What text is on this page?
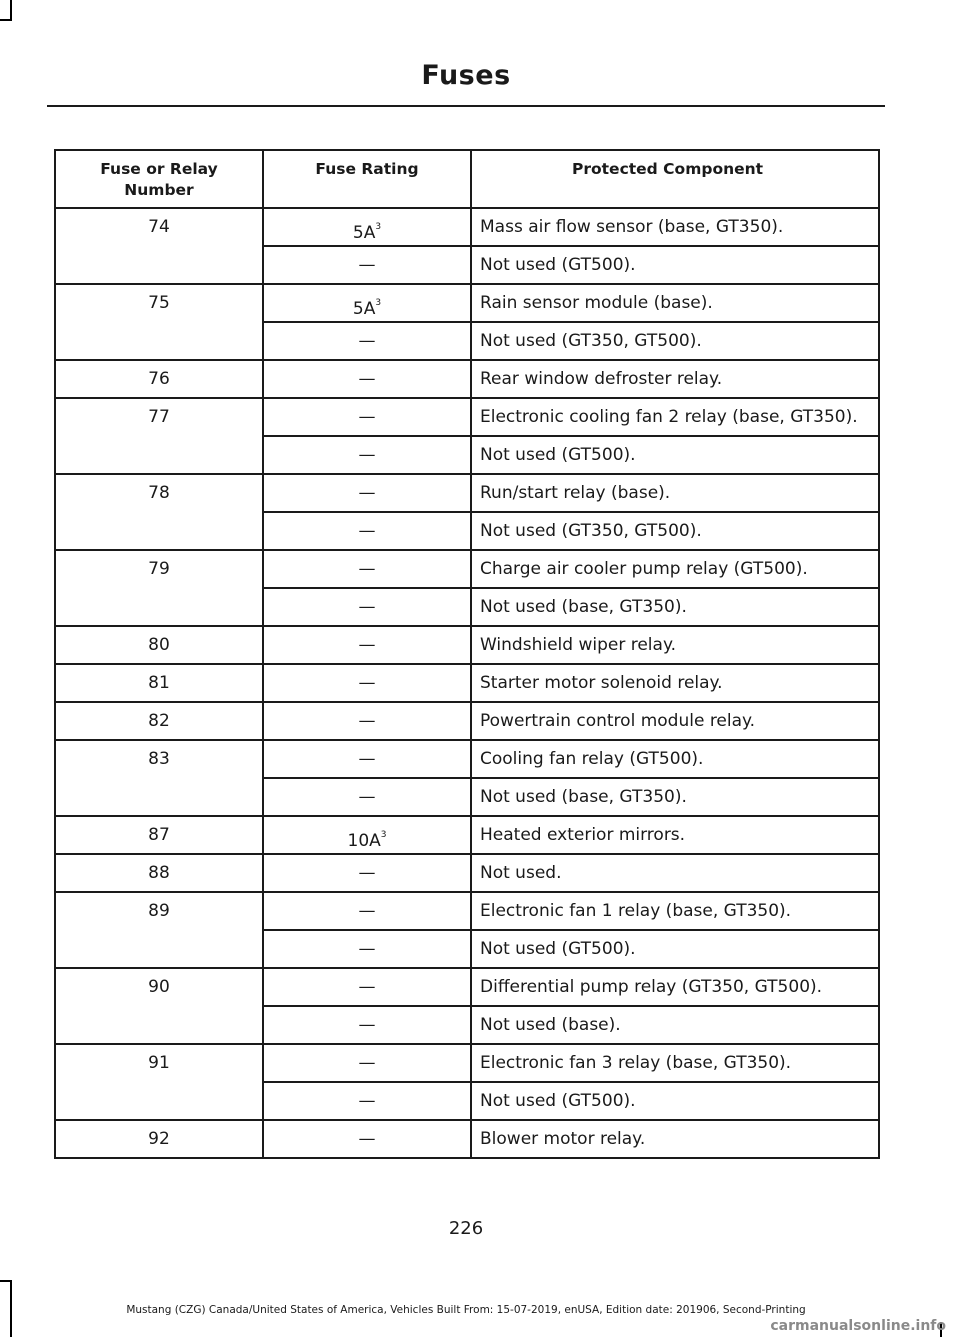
Fuses
Fuse or Relay Number	Fuse Rating	Protected Component
74	$5A^3$	Mass air flow sensor (base, GT350).
	—	Not used (GT500).
75	$5A^3$	Rain sensor module (base).
	—	Not used (GT350, GT500).
76	—	Rear window defroster relay.
77	—	Electronic cooling fan 2 relay (base, GT350).
	—	Not used (GT500).
78	—	Run/start relay (base).
	—	Not used (GT350, GT500).
79	—	Charge air cooler pump relay (GT500).
	—	Not used (base, GT350).
80	—	Windshield wiper relay.
81	—	Starter motor solenoid relay.
82	—	Powertrain control module relay.
83	—	Cooling fan relay (GT500).
	—	Not used (base, GT350).
87	$10A^3$	Heated exterior mirrors.
88	—	Not used.
89	—	Electronic fan 1 relay (base, GT350).
	—	Not used (GT500).
90	—	Differential pump relay (GT350, GT500).
	—	Not used (base).
91	—	Electronic fan 3 relay (base, GT350).
	—	Not used (GT500).
92	—	Blower motor relay.
226
Mustang (CZG) Canada/United States of America, Vehicles Built From: 15-07-2019, enUSA, Edition date: 201906, Second-Printing
carmanualsonline.info
